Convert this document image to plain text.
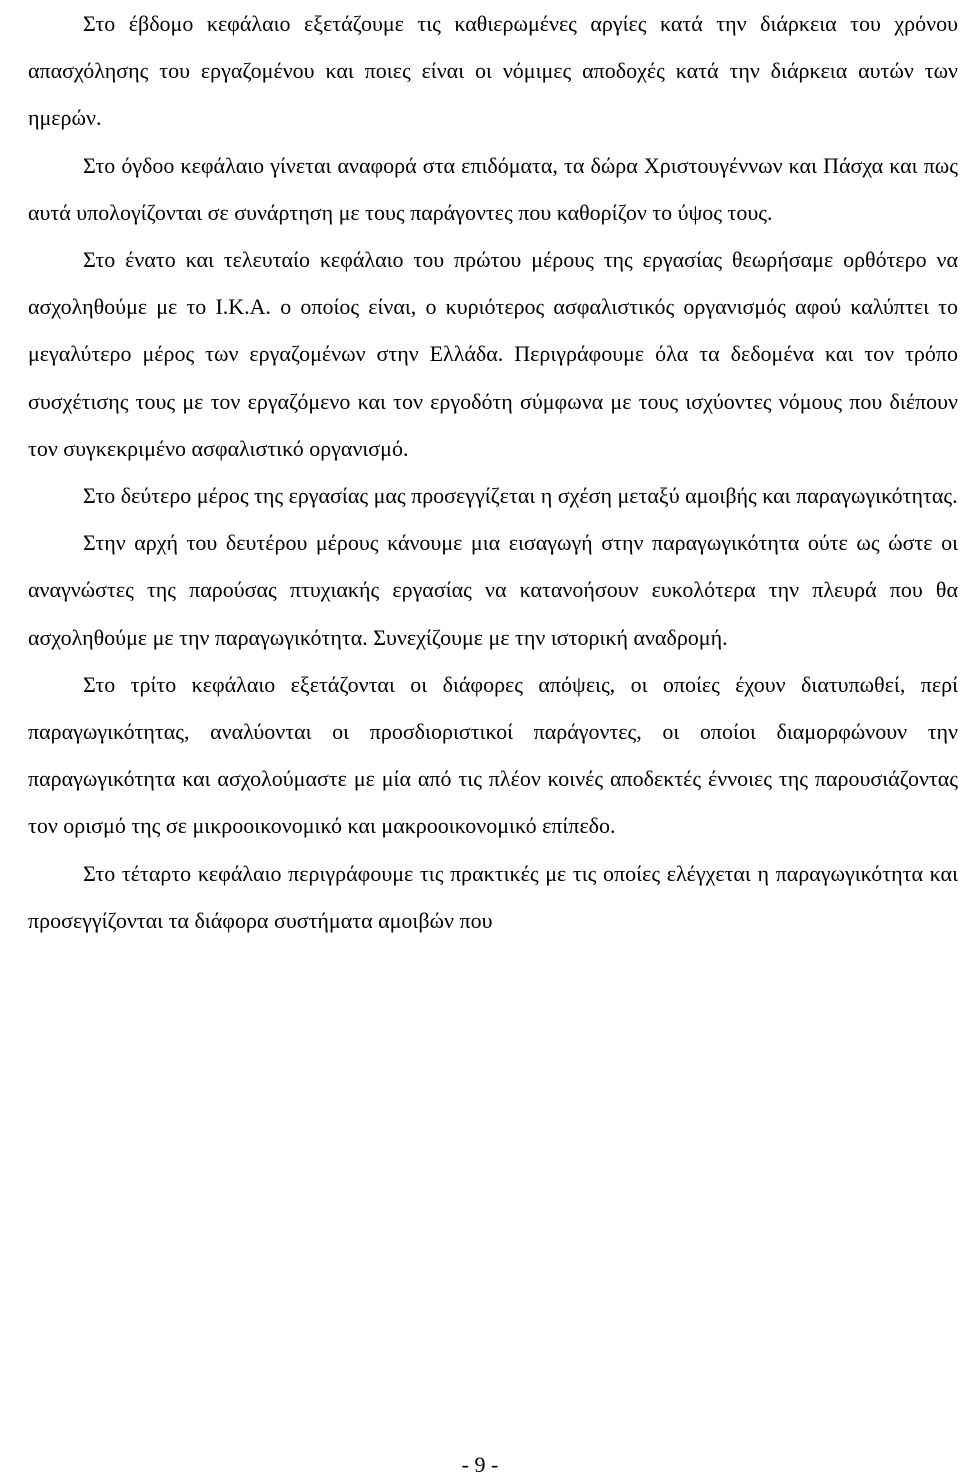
Στο έβδομο κεφάλαιο εξετάζουμε τις καθιερωμένες αργίες κατά την διάρκεια του χρόνου απασχόλησης του εργαζομένου και ποιες είναι οι νόμιμες αποδοχές κατά την διάρκεια αυτών των ημερών.

Στο όγδοο κεφάλαιο γίνεται αναφορά στα επιδόματα, τα δώρα Χριστουγέννων και Πάσχα και πως αυτά υπολογίζονται σε συνάρτηση με τους παράγοντες που καθορίζον το ύψος τους.

Στο ένατο και τελευταίο κεφάλαιο του πρώτου μέρους της εργασίας θεωρήσαμε ορθότερο να ασχοληθούμε με το Ι.Κ.Α. ο οποίος είναι, ο κυριότερος ασφαλιστικός οργανισμός αφού καλύπτει το μεγαλύτερο μέρος των εργαζομένων στην Ελλάδα. Περιγράφουμε όλα τα δεδομένα και τον τρόπο συσχέτισης τους με τον εργαζόμενο και τον εργοδότη σύμφωνα με τους ισχύοντες νόμους που διέπουν τον συγκεκριμένο ασφαλιστικό οργανισμό.

Στο δεύτερο μέρος της εργασίας μας προσεγγίζεται η σχέση μεταξύ αμοιβής και παραγωγικότητας.

Στην αρχή του δευτέρου μέρους κάνουμε μια εισαγωγή στην παραγωγικότητα ούτε ως ώστε οι αναγνώστες της παρούσας πτυχιακής εργασίας να κατανοήσουν ευκολότερα την πλευρά που θα ασχοληθούμε με την παραγωγικότητα. Συνεχίζουμε με την ιστορική αναδρομή.

Στο τρίτο κεφάλαιο εξετάζονται οι διάφορες απόψεις, οι οποίες έχουν διατυπωθεί, περί παραγωγικότητας, αναλύονται οι προσδιοριστικοί παράγοντες, οι οποίοι διαμορφώνουν την παραγωγικότητα και ασχολούμαστε με μία από τις πλέον κοινές αποδεκτές έννοιες της παρουσιάζοντας τον ορισμό της σε μικροοικονομικό και μακροοικονομικό επίπεδο.

Στο τέταρτο κεφάλαιο περιγράφουμε τις πρακτικές με τις οποίες ελέγχεται η παραγωγικότητα και προσεγγίζονται τα διάφορα συστήματα αμοιβών που

- 9 -
